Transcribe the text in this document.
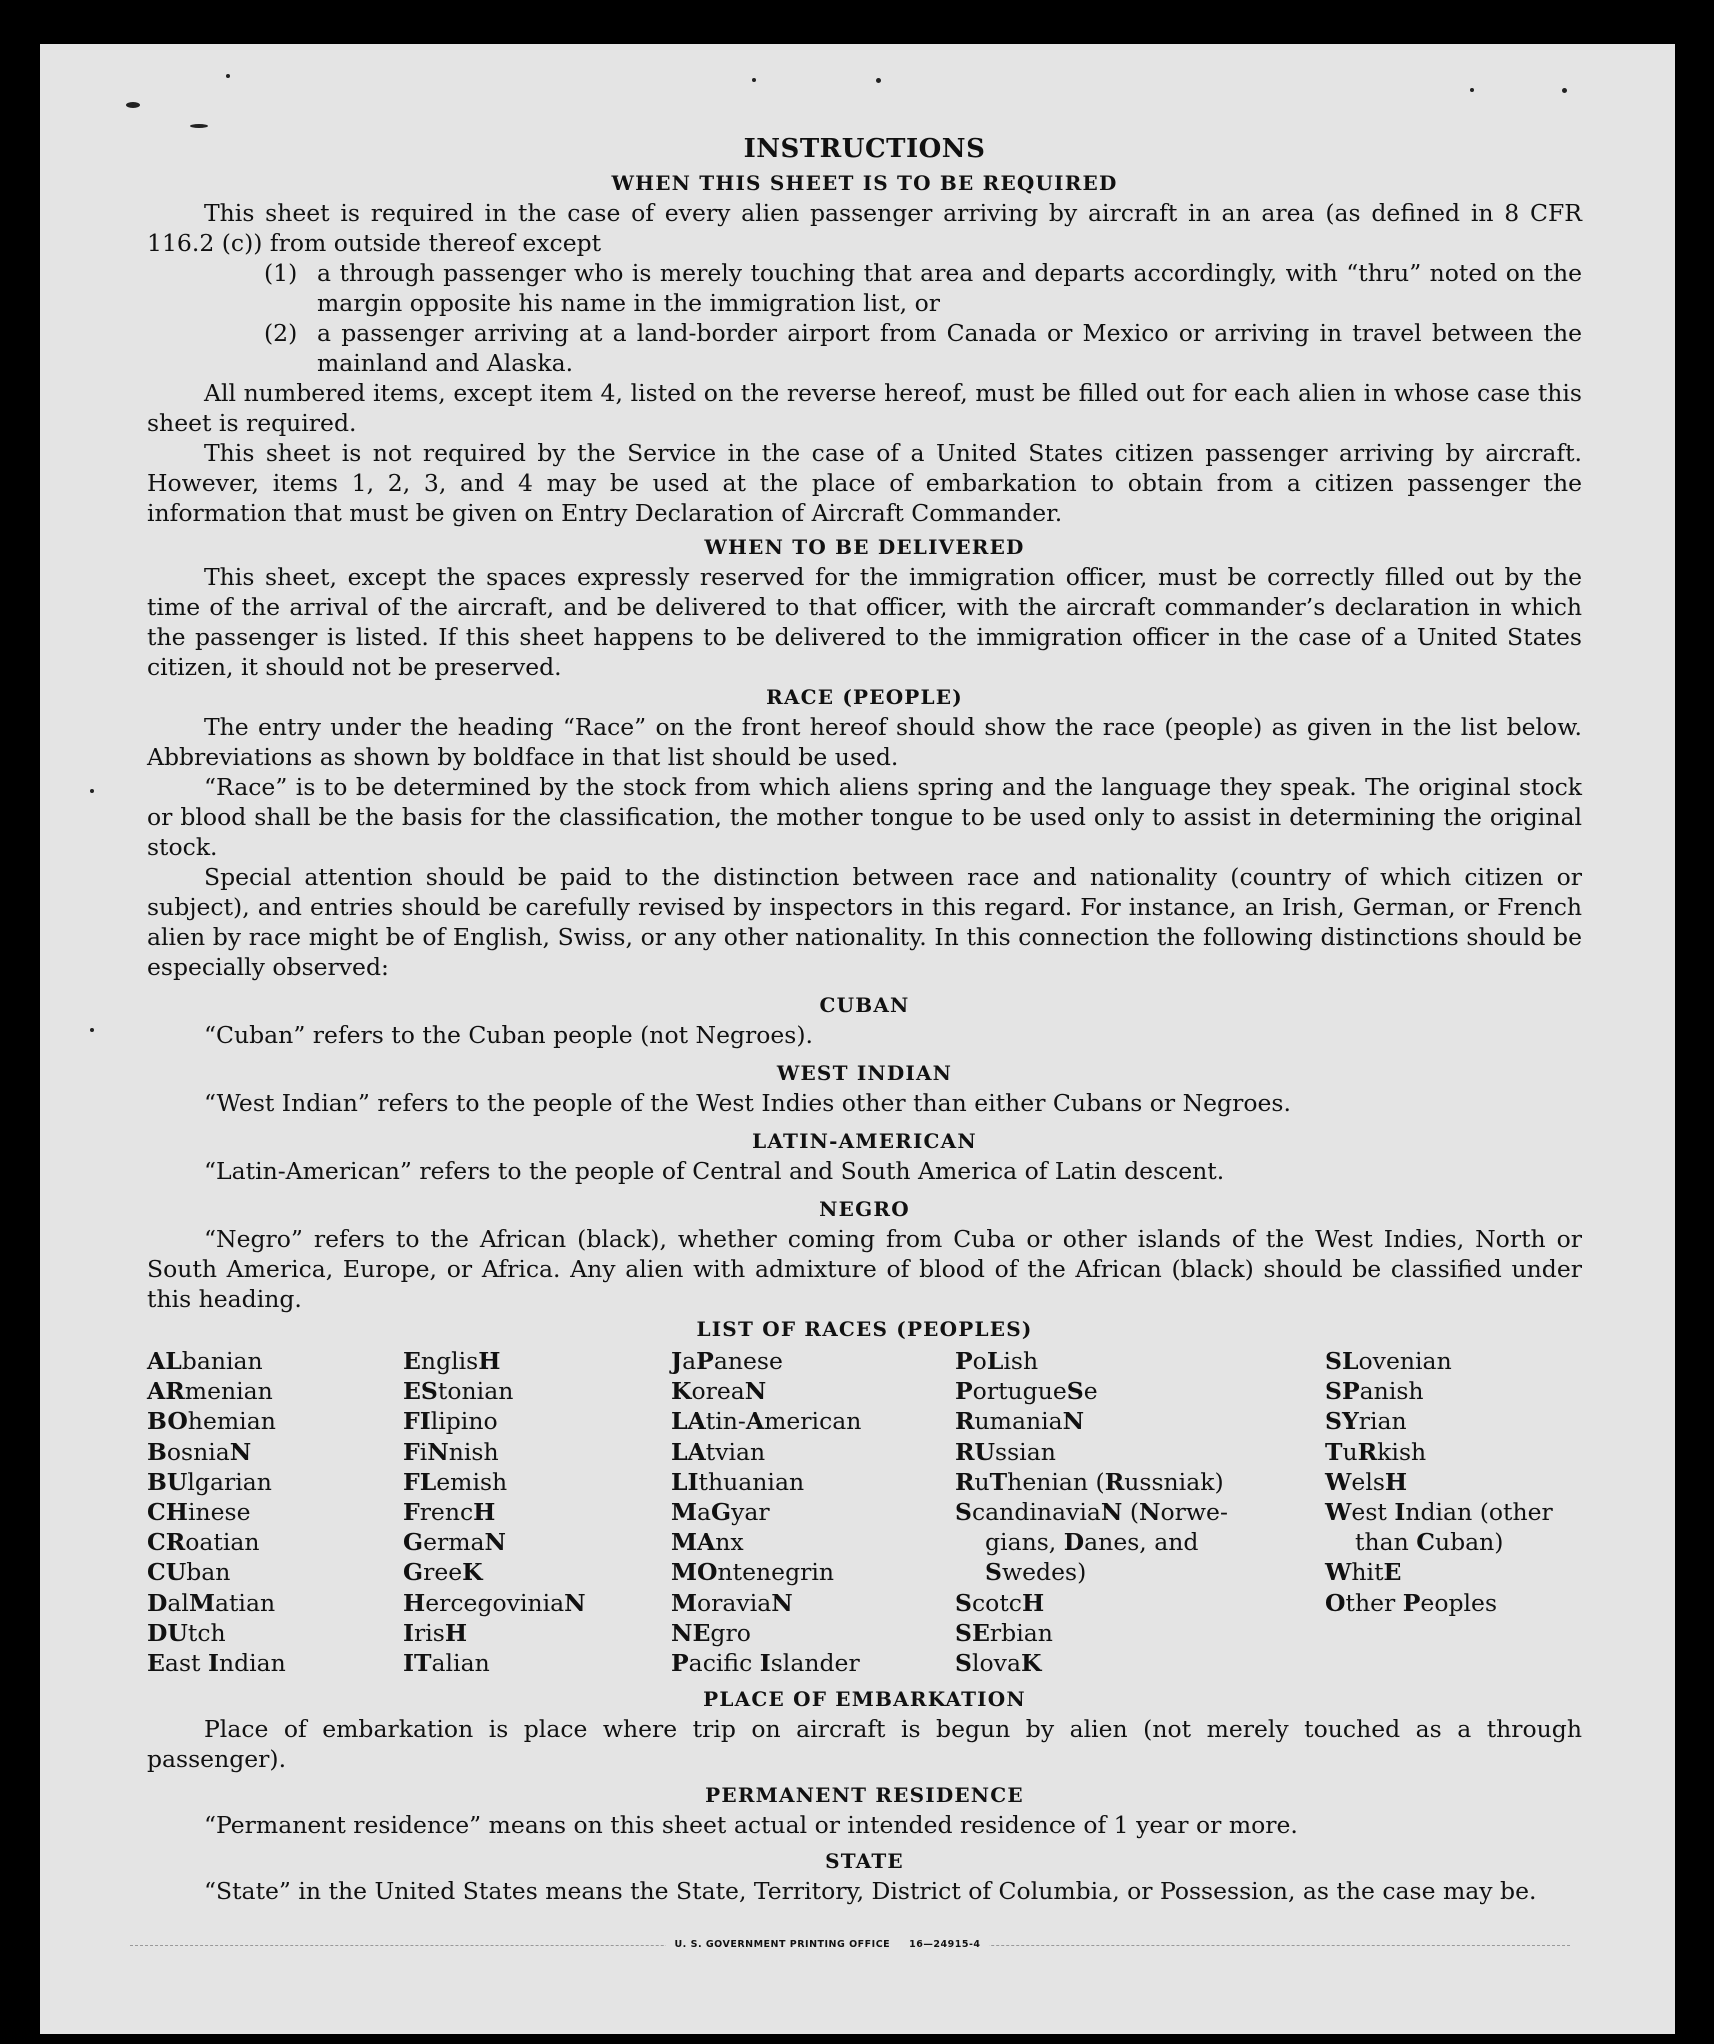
INSTRUCTIONS
WHEN THIS SHEET IS TO BE REQUIRED

This sheet is required in the case of every alien passenger arriving by aircraft in an area (as defined in 8 CFR 116.2 (c)) from outside thereof except

(1) a through passenger who is merely touching that area and departs accordingly, with “thru” noted on the margin opposite his name in the immigration list, or
(2) a passenger arriving at a land-border airport from Canada or Mexico or arriving in travel between the mainland and Alaska.

All numbered items, except item 4, listed on the reverse hereof, must be filled out for each alien in whose case this sheet is required.

This sheet is not required by the Service in the case of a United States citizen passenger arriving by aircraft. However, items 1, 2, 3, and 4 may be used at the place of embarkation to obtain from a citizen passenger the information that must be given on Entry Declaration of Aircraft Commander.

WHEN TO BE DELIVERED

This sheet, except the spaces expressly reserved for the immigration officer, must be correctly filled out by the time of the arrival of the aircraft, and be delivered to that officer, with the aircraft commander’s declaration in which the passenger is listed. If this sheet happens to be delivered to the immigration officer in the case of a United States citizen, it should not be preserved.

RACE (PEOPLE)

The entry under the heading “Race” on the front hereof should show the race (people) as given in the list below. Abbreviations as shown by boldface in that list should be used.

“Race” is to be determined by the stock from which aliens spring and the language they speak. The original stock or blood shall be the basis for the classification, the mother tongue to be used only to assist in determining the original stock.

Special attention should be paid to the distinction between race and nationality (country of which citizen or subject), and entries should be carefully revised by inspectors in this regard. For instance, an Irish, German, or French alien by race might be of English, Swiss, or any other nationality. In this connection the following distinctions should be especially observed:

CUBAN

“Cuban” refers to the Cuban people (not Negroes).

WEST INDIAN

“West Indian” refers to the people of the West Indies other than either Cubans or Negroes.

LATIN-AMERICAN

“Latin-American” refers to the people of Central and South America of Latin descent.

NEGRO

“Negro” refers to the African (black), whether coming from Cuba or other islands of the West Indies, North or South America, Europe, or Africa. Any alien with admixture of blood of the African (black) should be classified under this heading.

LIST OF RACES (PEOPLES)
ALbanian
ARmenian
BOhemian
BosniaN
BUlgarian
CHinese
CRoatian
CUban
DalMatian
DUtch
East Indian
EnglisH
EStonian
FIlipino
FiNnish
FLemish
FrencH
GermaN
GreeK
HercegoviniaN
IrisH
ITalian
JaPanese
KoreaN
LAtin-American
LAtvian
LIthuanian
MaGyar
MAnx
MOntenegrin
MoraviaN
NEgro
Pacifc Islander
PoLish
PortugueSe
RumaniaN
RUssian
RuThenian (Russniak)
ScandinaviaN (Norwe-
gians, Danes, and
Swedes)
ScotcH
SErbian
SlovaK
SLovenian
SPanish
SYrian
TuRkish
WelsH
West Indian (other
than Cuban)
WhitE
Other Peoples
PLACE OF EMBARKATION

Place of embarkation is place where trip on aircraft is begun by alien (not merely touched as a through passenger).

PERMANENT RESIDENCE

“Permanent residence” means on this sheet actual or intended residence of 1 year or more.

STATE

“State” in the United States means the State, Territory, District of Columbia, or Possession, as the case may be.

U. S. GOVERNMENT PRINTING OFFICE     16—24915-4
